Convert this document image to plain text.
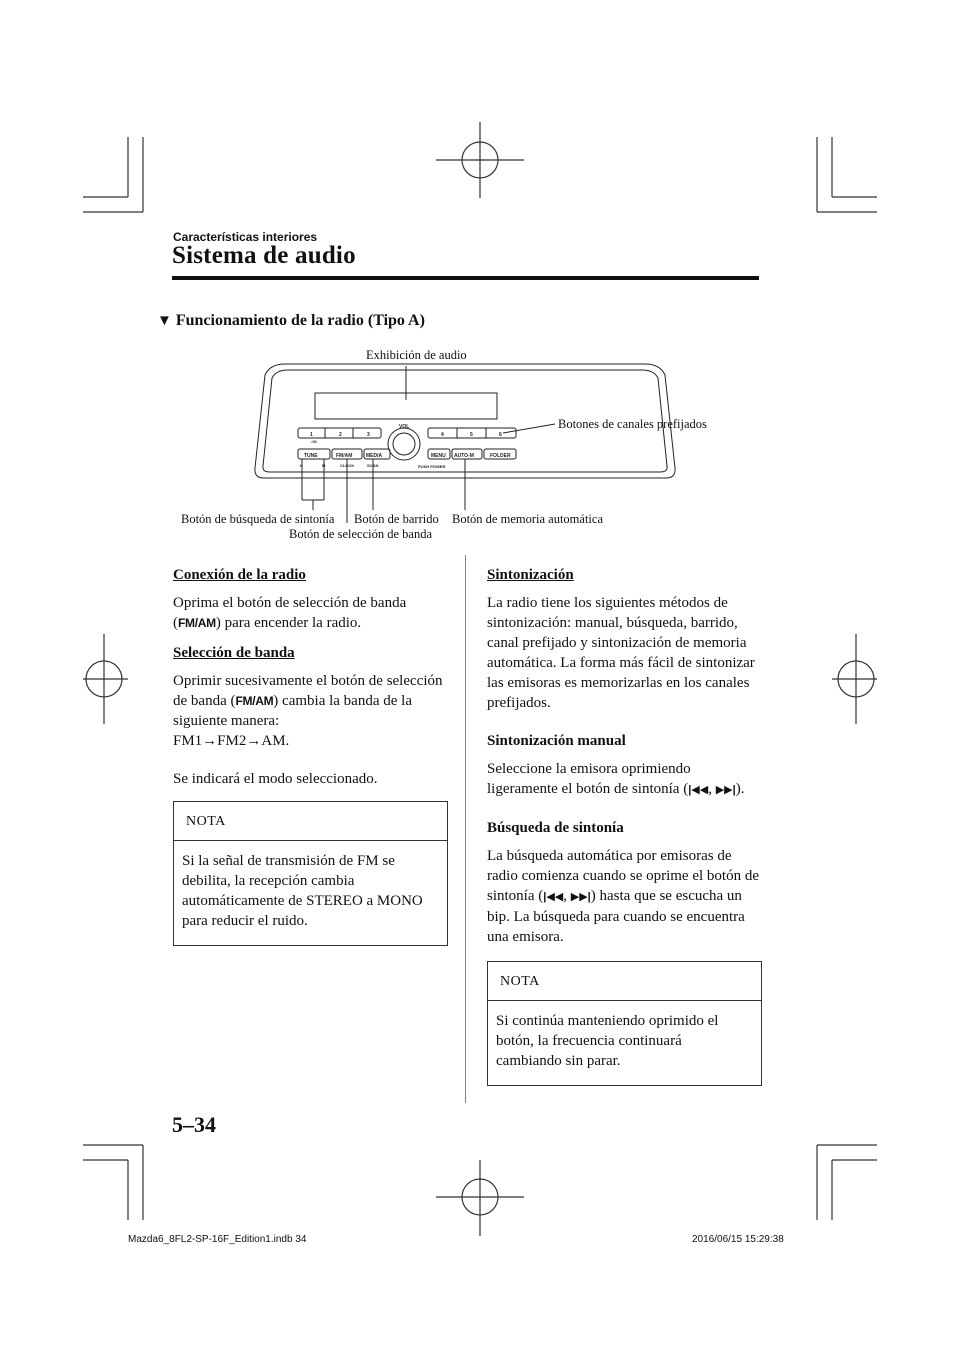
Características interiores
Sistema de audio
▼ Funcionamiento de la radio (Tipo A)
1	2	3	4	5	6
VOL
:00
TUNE	FM/AM	MEDIA
H	M	CLOCK	SCAN	PUSH POWER
MENU AUTO-M	FOLDER
Exhibición de audio
Botones de canales prefijados
Botón de búsqueda de sintonía Botón de barrido Botón de memoria automática
Botón de selección de banda
Conexión de la radio
Oprima el botón de selección de banda (FM/AM) para encender la radio.
Selección de banda
Oprimir sucesivamente el botón de selección de banda (FM/AM) cambia la banda de la siguiente manera:
FM1→FM2→AM.
Se indicará el modo seleccionado.
NOTA
Si la señal de transmisión de FM se debilita, la recepción cambia automáticamente de STEREO a MONO para reducir el ruido.
Sintonización
La radio tiene los siguientes métodos de sintonización: manual, búsqueda, barrido, canal prefijado y sintonización de memoria automática. La forma más fácil de sintonizar las emisoras es memorizarlas en los canales prefijados.
Sintonización manual
Seleccione la emisora oprimiendo ligeramente el botón de sintonía (|◀◀, ▶▶|).
Búsqueda de sintonía
La búsqueda automática por emisoras de radio comienza cuando se oprime el botón de sintonía (|◀◀, ▶▶|) hasta que se escucha un bip. La búsqueda para cuando se encuentra una emisora.
NOTA
Si continúa manteniendo oprimido el botón, la frecuencia continuará cambiando sin parar.
5–34
Mazda6_8FL2-SP-16F_Edition1.indb 34	2016/06/15 15:29:38
